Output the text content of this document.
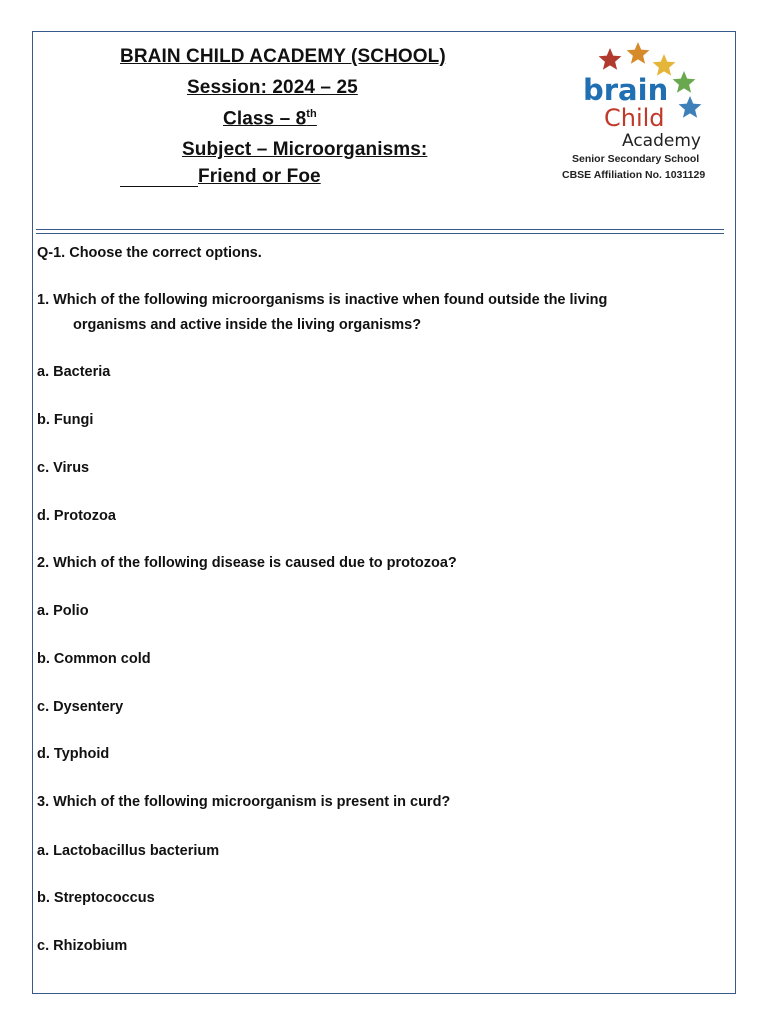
BRAIN CHILD ACADEMY (SCHOOL)
Session: 2024 – 25
Class – 8th
Subject – Microorganisms:
Friend or Foe
brain
Child
Academy
Senior Secondary School
CBSE Affiliation No. 1031129
Q-1. Choose the correct options.
1. Which of the following microorganisms is inactive when found outside the living
organisms and active inside the living organisms?
a. Bacteria
b. Fungi
c. Virus
d. Protozoa
2. Which of the following disease is caused due to protozoa?
a. Polio
b. Common cold
c. Dysentery
d. Typhoid
3. Which of the following microorganism is present in curd?
a. Lactobacillus bacterium
b. Streptococcus
c. Rhizobium
